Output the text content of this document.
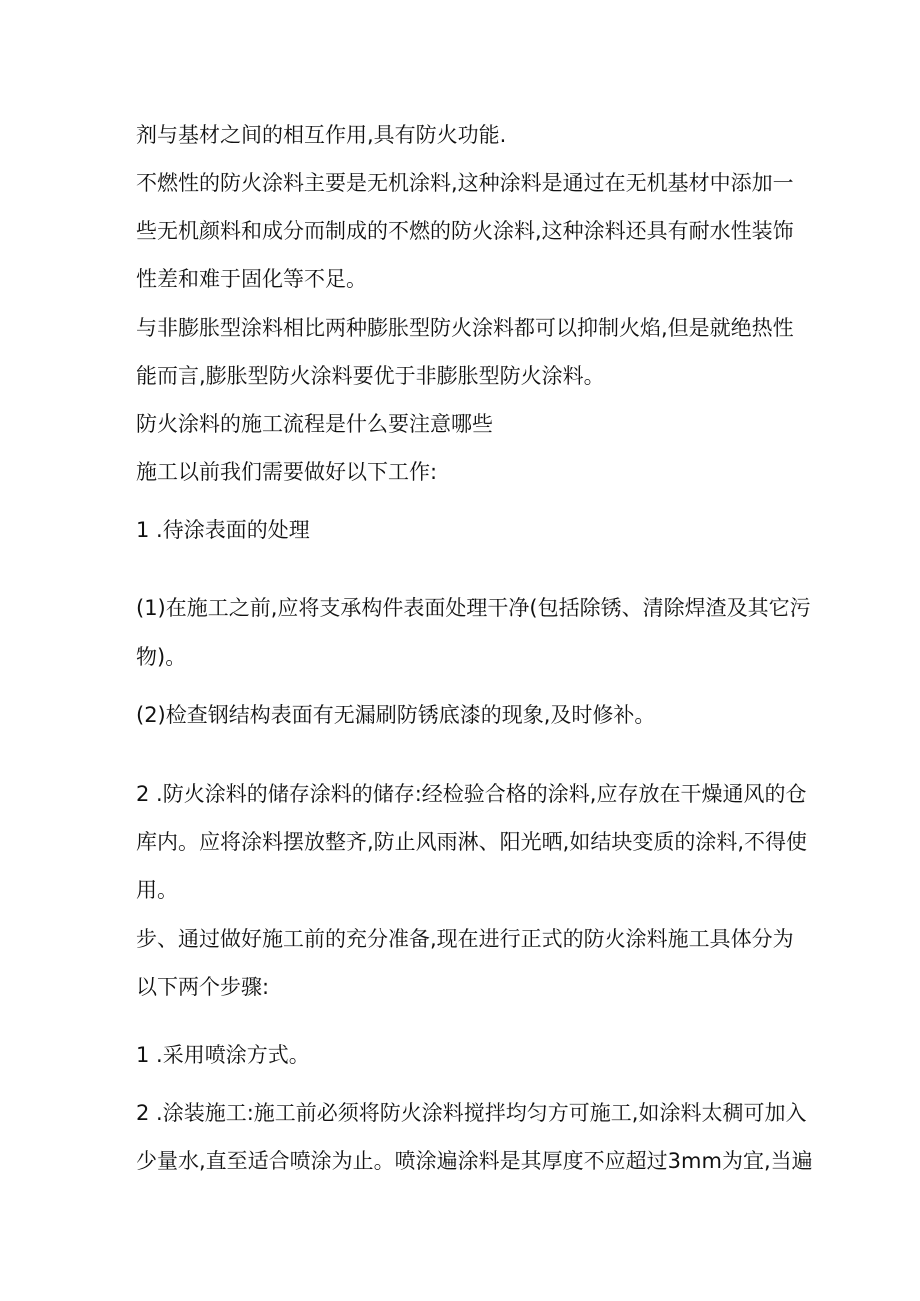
剂与基材之间的相互作用,具有防火功能.
不燃性的防火涂料主要是无机涂料,这种涂料是通过在无机基材中添加一
些无机颜料和成分而制成的不燃的防火涂料,这种涂料还具有耐水性装饰
性差和难于固化等不足。
与非膨胀型涂料相比两种膨胀型防火涂料都可以抑制火焰,但是就绝热性
能而言,膨胀型防火涂料要优于非膨胀型防火涂料。
防火涂料的施工流程是什么要注意哪些
施工以前我们需要做好以下工作:
1 .待涂表面的处理
(1)在施工之前,应将支承构件表面处理干净(包括除锈、清除焊渣及其它污
物)。
(2)检查钢结构表面有无漏刷防锈底漆的现象,及时修补。
2 .防火涂料的储存涂料的储存:经检验合格的涂料,应存放在干燥通风的仓
库内。应将涂料摆放整齐,防止风雨淋、阳光晒,如结块变质的涂料,不得使
用。
步、通过做好施工前的充分准备,现在进行正式的防火涂料施工具体分为
以下两个步骤:
1 .采用喷涂方式。
2 .涂装施工:施工前必须将防火涂料搅拌均匀方可施工,如涂料太稠可加入
少量水,直至适合喷涂为止。喷涂遍涂料是其厚度不应超过3mm为宜,当遍
